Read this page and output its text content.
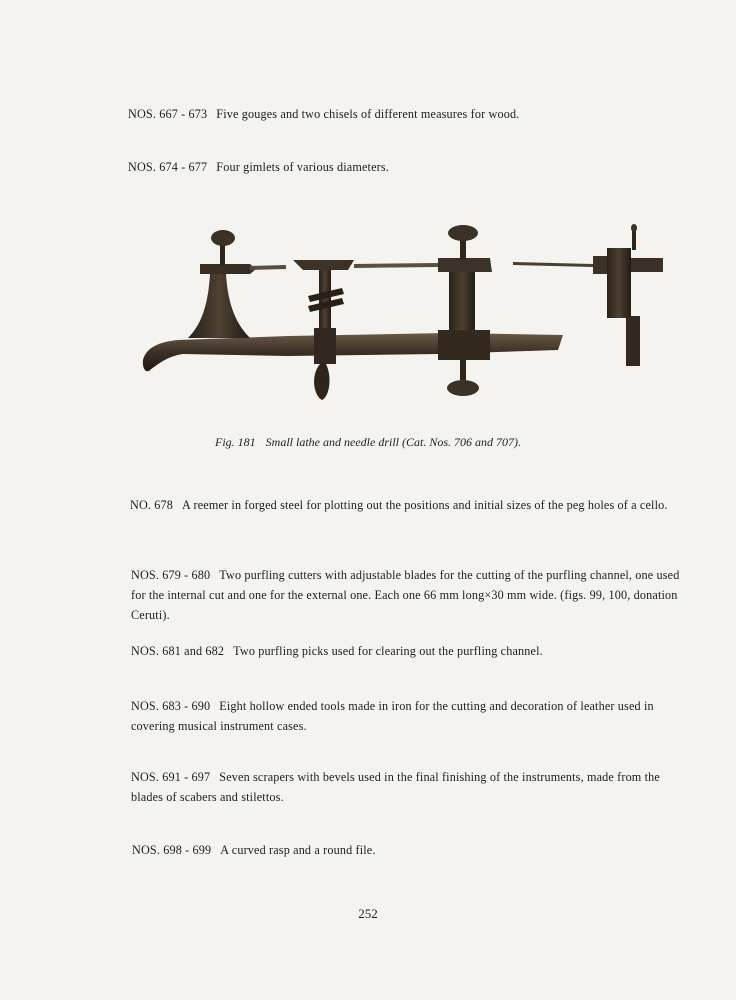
NOS. 667 - 673 Five gouges and two chisels of different measures for wood.
NOS. 674 - 677 Four gimlets of various diameters.
Fig. 181 Small lathe and needle drill (Cat. Nos. 706 and 707).
NO. 678 A reemer in forged steel for plotting out the positions and initial sizes of the peg holes of a cello.
NOS. 679 - 680 Two purfling cutters with adjustable blades for the cutting of the purfling channel, one used for the internal cut and one for the external one. Each one 66 mm long×30 mm wide. (figs. 99, 100, donation Ceruti).
NOS. 681 and 682 Two purfling picks used for clearing out the purfling channel.
NOS. 683 - 690 Eight hollow ended tools made in iron for the cutting and decoration of leather used in covering musical instrument cases.
NOS. 691 - 697 Seven scrapers with bevels used in the final finishing of the instruments, made from the blades of scabers and stilettos.
NOS. 698 - 699 A curved rasp and a round file.
252
